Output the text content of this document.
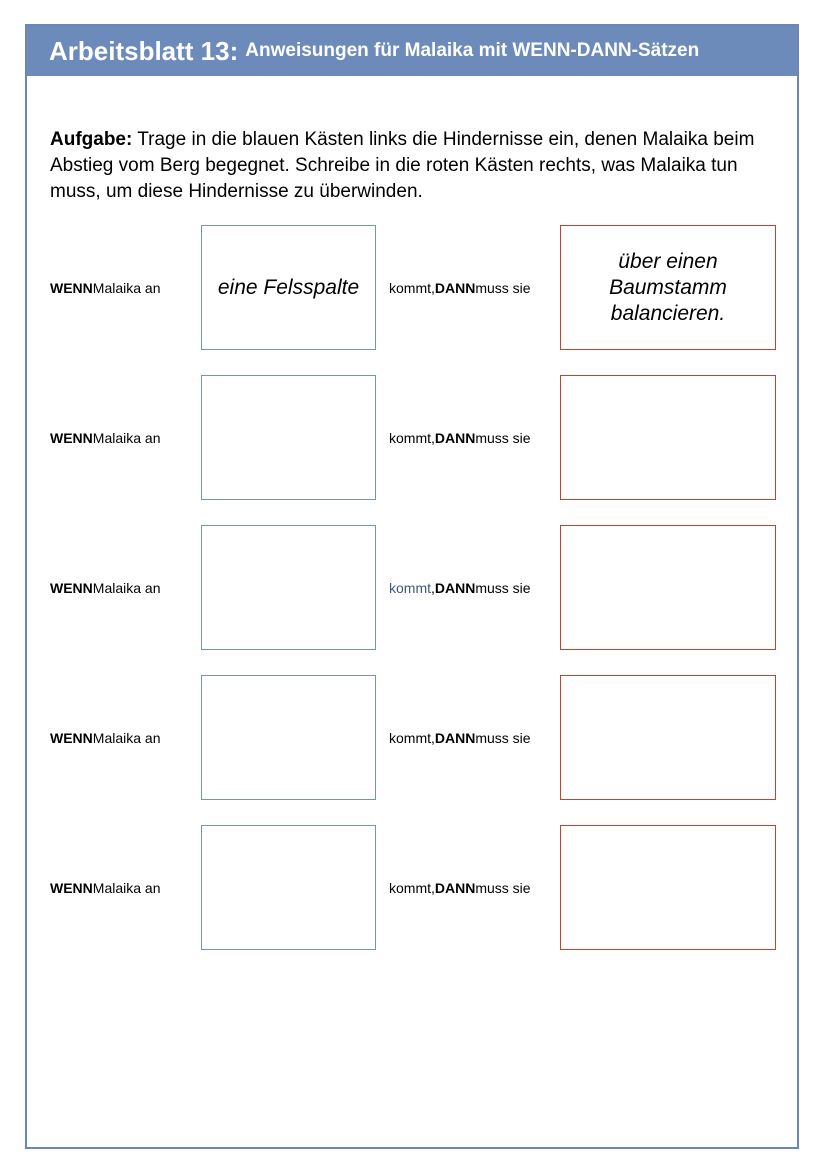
Arbeitsblatt 13: Anweisungen für Malaika mit WENN-DANN-Sätzen
Aufgabe: Trage in die blauen Kästen links die Hindernisse ein, denen Malaika beim Abstieg vom Berg begegnet. Schreibe in die roten Kästen rechts, was Malaika tun muss, um diese Hindernisse zu überwinden.
WENN Malaika an	eine Felsspalte	kommt , DANN muss sie
über einen Baumstamm balancieren.
WENN Malaika an	kommt , DANN muss sie
WENN Malaika an	kommt , DANN muss sie
WENN Malaika an	kommt , DANN muss sie
WENN Malaika an	kommt , DANN muss sie
